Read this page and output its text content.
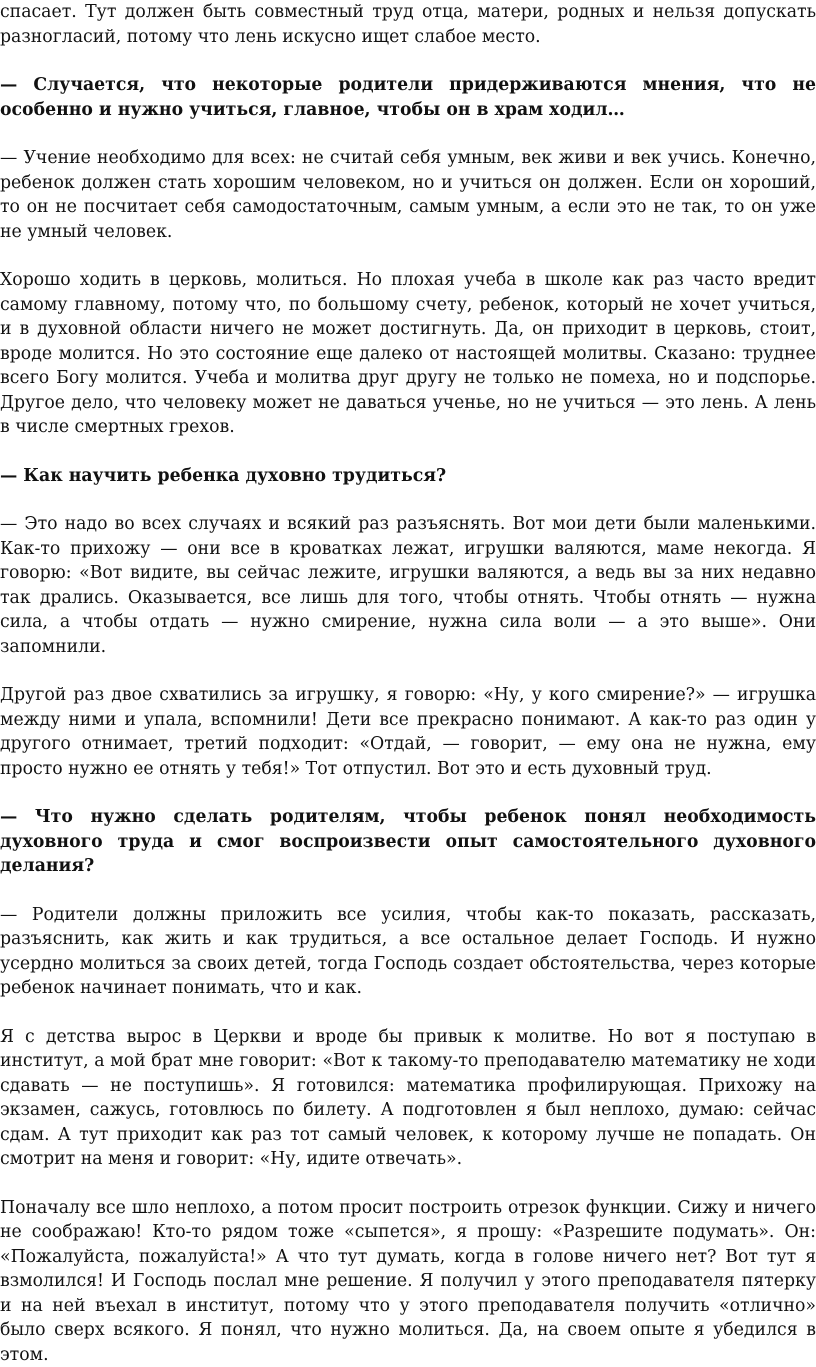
спасает. Тут должен быть совместный труд отца, матери, родных и нельзя допускать разногласий, потому что лень искусно ищет слабое место.

— Случается, что некоторые родители придерживаются мнения, что не особенно и нужно учиться, главное, чтобы он в храм ходил…

— Учение необходимо для всех: не считай себя умным, век живи и век учись. Конечно, ребенок должен стать хорошим человеком, но и учиться он должен. Если он хороший, то он не посчитает себя самодостаточным, самым умным, а если это не так, то он уже не умный человек.

Хорошо ходить в церковь, молиться. Но плохая учеба в школе как раз часто вредит самому главному, потому что, по большому счету, ребенок, который не хочет учиться, и в духовной области ничего не может достигнуть. Да, он приходит в церковь, стоит, вроде молится. Но это состояние еще далеко от настоящей молитвы. Сказано: труднее всего Богу молится. Учеба и молитва друг другу не только не помеха, но и подспорье. Другое дело, что человеку может не даваться ученье, но не учиться — это лень. А лень в числе смертных грехов.

— Как научить ребенка духовно трудиться?

— Это надо во всех случаях и всякий раз разъяснять. Вот мои дети были маленькими. Как-то прихожу — они все в кроватках лежат, игрушки валяются, маме некогда. Я говорю: «Вот видите, вы сейчас лежите, игрушки валяются, а ведь вы за них недавно так дрались. Оказывается, все лишь для того, чтобы отнять. Чтобы отнять — нужна сила, а чтобы отдать — нужно смирение, нужна сила воли — а это выше». Они запомнили.

Другой раз двое схватились за игрушку, я говорю: «Ну, у кого смирение?» — игрушка между ними и упала, вспомнили! Дети все прекрасно понимают. А как-то раз один у другого отнимает, третий подходит: «Отдай, — говорит, — ему она не нужна, ему просто нужно ее отнять у тебя!» Тот отпустил. Вот это и есть духовный труд.

— Что нужно сделать родителям, чтобы ребенок понял необходимость духовного труда и смог воспроизвести опыт самостоятельного духовного делания?

— Родители должны приложить все усилия, чтобы как-то показать, рассказать, разъяснить, как жить и как трудиться, а все остальное делает Господь. И нужно усердно молиться за своих детей, тогда Господь создает обстоятельства, через которые ребенок начинает понимать, что и как.

Я с детства вырос в Церкви и вроде бы привык к молитве. Но вот я поступаю в институт, а мой брат мне говорит: «Вот к такому-то преподавателю математику не ходи сдавать — не поступишь». Я готовился: математика профилирующая. Прихожу на экзамен, сажусь, готовлюсь по билету. А подготовлен я был неплохо, думаю: сейчас сдам. А тут приходит как раз тот самый человек, к которому лучше не попадать. Он смотрит на меня и говорит: «Ну, идите отвечать».

Поначалу все шло неплохо, а потом просит построить отрезок функции. Сижу и ничего не соображаю! Кто-то рядом тоже «сыпется», я прошу: «Разрешите подумать». Он: «Пожалуйста, пожалуйста!» А что тут думать, когда в голове ничего нет? Вот тут я взмолился! И Господь послал мне решение. Я получил у этого преподавателя пятерку и на ней въехал в институт, потому что у этого преподавателя получить «отлично» было сверх всякого. Я понял, что нужно молиться. Да, на своем опыте я убедился в этом.
